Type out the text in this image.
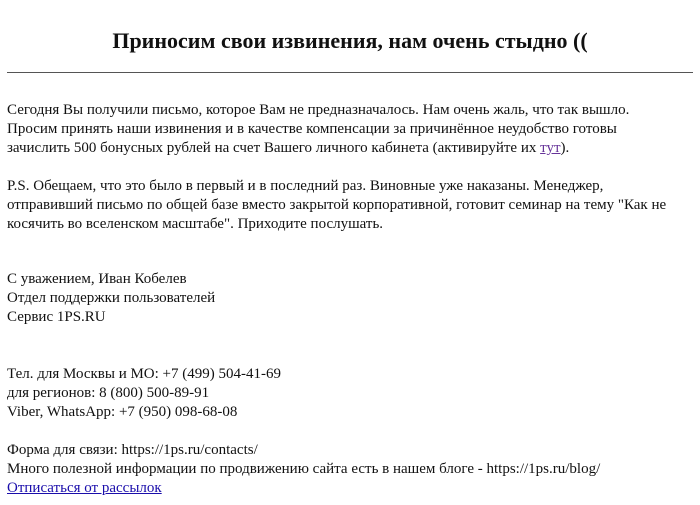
Приносим свои извинения, нам очень стыдно ((

Сегодня Вы получили письмо, которое Вам не предназначалось. Нам очень жаль, что так вышло.
Просим принять наши извинения и в качестве компенсации за причинённое неудобство готовы
зачислить 500 бонусных рублей на счет Вашего личного кабинета (активируйте их тут).

P.S. Обещаем, что это было в первый и в последний раз. Виновные уже наказаны. Менеджер,
отправивший письмо по общей базе вместо закрытой корпоративной, готовит семинар на тему "Как не
косячить во вселенском масштабе". Приходите послушать.

С уважением, Иван Кобелев
Отдел поддержки пользователей
Сервис 1PS.RU

Тел. для Москвы и МО: +7 (499) 504-41-69
для регионов: 8 (800) 500-89-91
Viber, WhatsApp: +7 (950) 098-68-08

Форма для связи: https://1ps.ru/contacts/
Много полезной информации по продвижению сайта есть в нашем блоге - https://1ps.ru/blog/
Отписаться от рассылок
